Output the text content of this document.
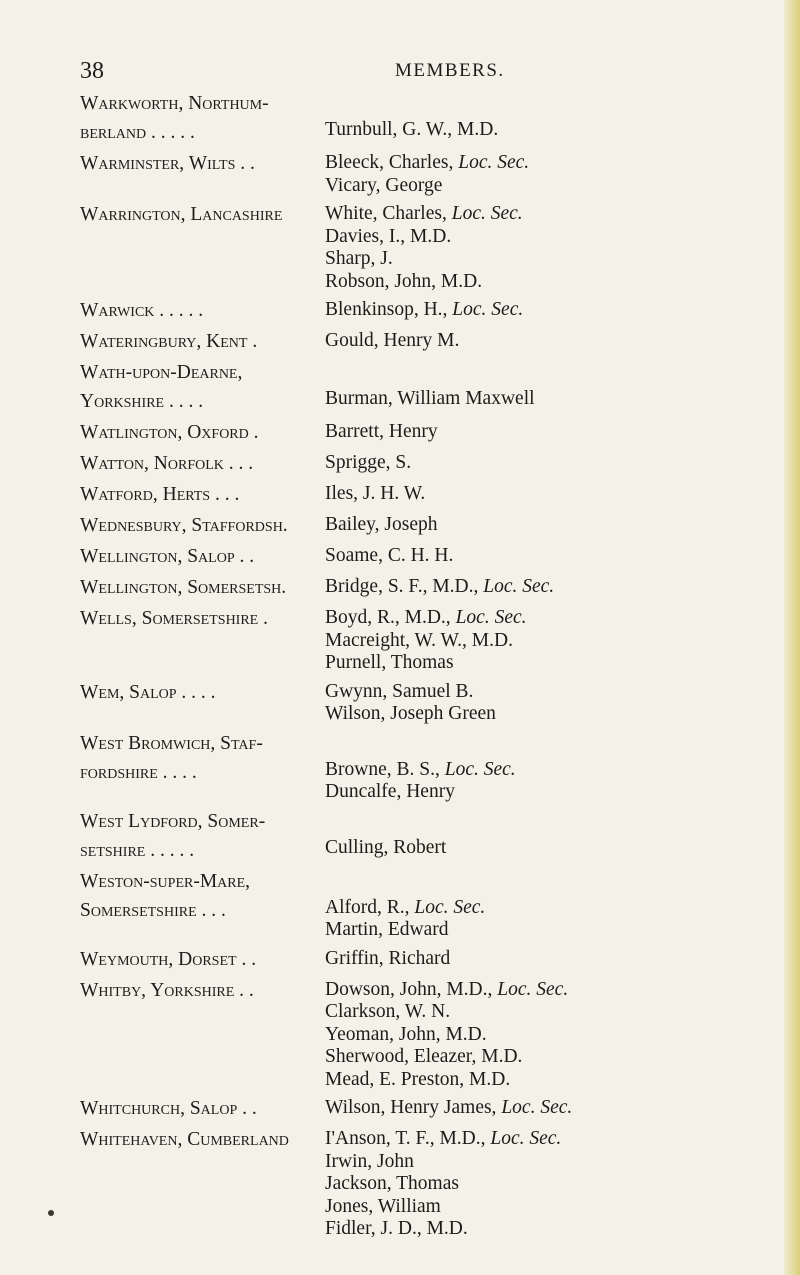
38	MEMBERS.
Warkworth, Northum-
berland . . . . .	Turnbull, G. W., M.D.
Warminster, Wilts . .	Bleeck, Charles, Loc. Sec.
Vicary, George
Warrington, Lancashire	White, Charles, Loc. Sec.
Davies, I., M.D.
Sharp, J.
Robson, John, M.D.
Warwick . . . . .	Blenkinsop, H., Loc. Sec.
Wateringbury, Kent .	Gould, Henry M.
Wath-upon-Dearne,
Yorkshire . . . .	Burman, William Maxwell
Watlington, Oxford .	Barrett, Henry
Watton, Norfolk . . .	Sprigge, S.
Watford, Herts . . .	Iles, J. H. W.
Wednesbury, Staffordsh.	Bailey, Joseph
Wellington, Salop . .	Soame, C. H. H.
Wellington, Somersetsh.	Bridge, S. F., M.D., Loc. Sec.
Wells, Somersetshire .	Boyd, R., M.D., Loc. Sec.
Macreight, W. W., M.D.
Purnell, Thomas
Wem, Salop . . . .	Gwynn, Samuel B.
Wilson, Joseph Green
West Bromwich, Staf-
fordshire . . . .	Browne, B. S., Loc. Sec.
Duncalfe, Henry
West Lydford, Somer-
setshire . . . . .	Culling, Robert
Weston-super-Mare,
Somersetshire . . .	Alford, R., Loc. Sec.
Martin, Edward
Weymouth, Dorset . .	Griffin, Richard
Whitby, Yorkshire . .	Dowson, John, M.D., Loc. Sec.
Clarkson, W. N.
Yeoman, John, M.D.
Sherwood, Eleazer, M.D.
Mead, E. Preston, M.D.
Whitchurch, Salop . .	Wilson, Henry James, Loc. Sec.
Whitehaven, Cumberland	I'Anson, T. F., M.D., Loc. Sec.
Irwin, John
Jackson, Thomas
Jones, William
Fidler, J. D., M.D.
